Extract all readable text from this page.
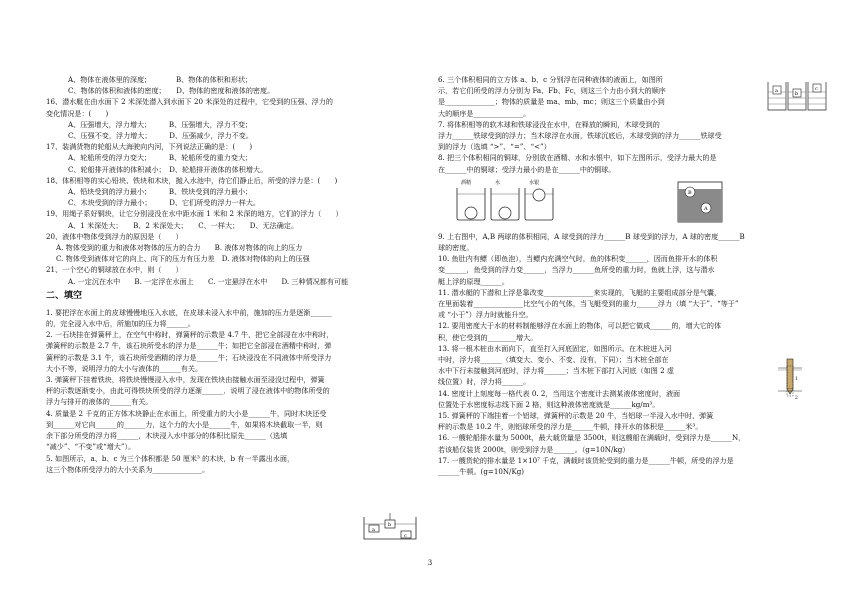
A、物体在液体里的深度；　　　　B、物体的体积和形状；
C、物体的体积和液体的密度；　　D、物体的密度和液体的密度。
16、潜水艇在由水面下 2 米深处潜入到水面下 20 米深处的过程中，它受到的压强、浮力的
变化情况是：(　　)
A、压强增大，浮力增大；　　　B、压强增大，浮力不变；
C、压强不变，浮力增大；　　　D、压强减少，浮力不变。
17、装满货物的轮船从大海驶向内河，下列说法正确的是：(　　)
A、轮船所受的浮力变大；　　　B、轮船所受的重力变大；
C、轮船排开液体的体积减小；　D、轮船排开液体的体积增大。
18、体积相等的实心铅块、铁块和木块，抛入水池中，待它们静止后，所受的浮力是：(　　)
A、铅块受到的浮力最小；　　　B、铁块受到的浮力最小；
C、木块受到的浮力最小；　　　D、它们所受的浮力一样大。
19、用绳子系好铜块，让它分别浸没在水中距水面 1 米和 2 米深的地方，它们的浮力（　　）
A、1 米深处大；　　B、2 米深处大；　　C、一样大；　　D、无法确定。
20、液体中物体受到浮力的原因是（　　）
A. 物体受到的重力和液体对物体的压力的合力　　B. 液体对物体的向上的压力
C. 物体受到液体对它的向上、向下的压力有压力差　D. 液体对物体的向上的压强
21、一个空心的铜球放在水中，则（　　）
A. 一定沉在水中　　B. 一定浮在水面上　　C. 一定悬浮在水中　　D. 三种情况都有可能
二、填空
1. 要把浮在水面上的皮球慢慢地压入水底，在皮球未浸入水中前，施加的压力是逐渐______
的，完全浸入水中后，所施加的压力将______。
2. 一石块挂在弹簧秤上，在空气中称时，弹簧秤的示数是 4.7 牛，把它全部浸在水中称时，
弹簧秤的示数是 2.7 牛，该石块所受水的浮力是______牛；如把它全部浸在酒精中称时，弹
簧秤的示数是 3.1 牛，该石块所受酒精的浮力是______牛；石块浸没在不同液体中所受浮力
大小不等，说明浮力的大小与液体的______有关。
3. 弹簧秤下挂着铁块，将铁块慢慢浸入水中，发现在铁块由接触水面至浸没过程中，弹簧
秤的示数逐渐变小，由此可得铁块所受的浮力逐渐______．说明了浸在液体中的物体所受的
浮力与排开的液体的______有关。
4. 质量是 2 千克的正方体木块静止在水面上，所受重力的大小是______牛，同时木块还受
到______对它向______的______力，这个力的大小是______牛，如果将木块截取一半，则
余下部分所受的浮力将______，木块浸入水中部分的体积比原先______（选填
“减少”、“不变”或“增大”）。
5. 如图所示，a、b、c 为三个体积都是 50 厘米³ 的木块，b 有一半露出水面，
这三个物体所受浮力的大小关系为______________。
6. 三个体积相同的立方体 a、b、c 分别浮在同种液体的液面上，如图所
示，若它们所受的浮力分别为 Fa、Fb、Fc，则这三个力由小到大的顺序
是______________；物体的质量是 ma、mb、mc；则这三个质量由小到
大的顺序是______________。
7. 将体积相等的软木球和铁球浸没在水中，在释放的瞬间，木球受到的
浮力______铁球受到的浮力；当木球浮在水面，铁球沉底后，木球受到的浮力______铁球受
到的浮力（选填 “>”、“=”、“<”）
8. 把三个体积相同的铜球，分别放在酒精、水和水银中，如下左图所示，受浮力最大的是
在______中的铜球；受浮力最小的是在______中的铜球。
9. 上右图中，A,B 两球的体积相同，A 球受到的浮力______B 球受到的浮力，A 球的密度______B
球的密度。
10. 鱼肚内有鳔（即鱼泡），当鳔内充满空气时，鱼的体积变______，因而鱼排开水的体积
变______，鱼受到的浮力变______，当浮力______鱼所受的重力时，鱼就上浮，这与潜水
艇上浮的原理______。
11. 潜水艇的下潜和上浮是靠改变______________来实现的，飞艇的主要组成部分是气囊，
在里面装着______________比空气小的气体，当飞艇受到的重力______浮力（填 “大于”、“等于”
或 “小于”）浮力时就能升空。
12. 要用密度大于水的材料制能够浮在水面上的物体，可以把它做成______的，增大它的体
积，使它受到的________增大。
13. 将一根木桩由水面向下，直至打入河底固定，如图所示。在木桩进入河
中时，浮力将______（填变大、变小、不变、没有，下同）；当木桩全部在
水中下行未接触到河底时，浮力将______；当木桩下部打入河底（如图 2 虚
线位置）时，浮力将______。
14. 密度计上刻度每一格代表 0. 2，当用这个密度计去测某液体密度时，液面
位置处于水密度标志线下面 2 格，则这种液体密度就是______kg/m³。
15. 弹簧秤的下端挂着一个铝球，弹簧秤的示数是 20 牛，当铝球一半浸入水中时，弹簧
秤的示数是 10.2 牛，则铝球所受的浮力是______牛顿，排开水的体积是______米³。
16. 一艘轮船排水量为 5000t，最大载货量是 3500t，则这艘船在满载时，受到浮力是______N，
若该船仅装货 2000t，则受到浮力是______。（g=10N/kg）
17. 一艘货轮的排水量是 1×10⁷ 千克，满载时该货轮受到的重力是______牛顿，所受的浮力是
______牛顿。(g=10N/Kg)
a
b
c
a	b
c
酒精	水	水银
B
A
1
2
3
